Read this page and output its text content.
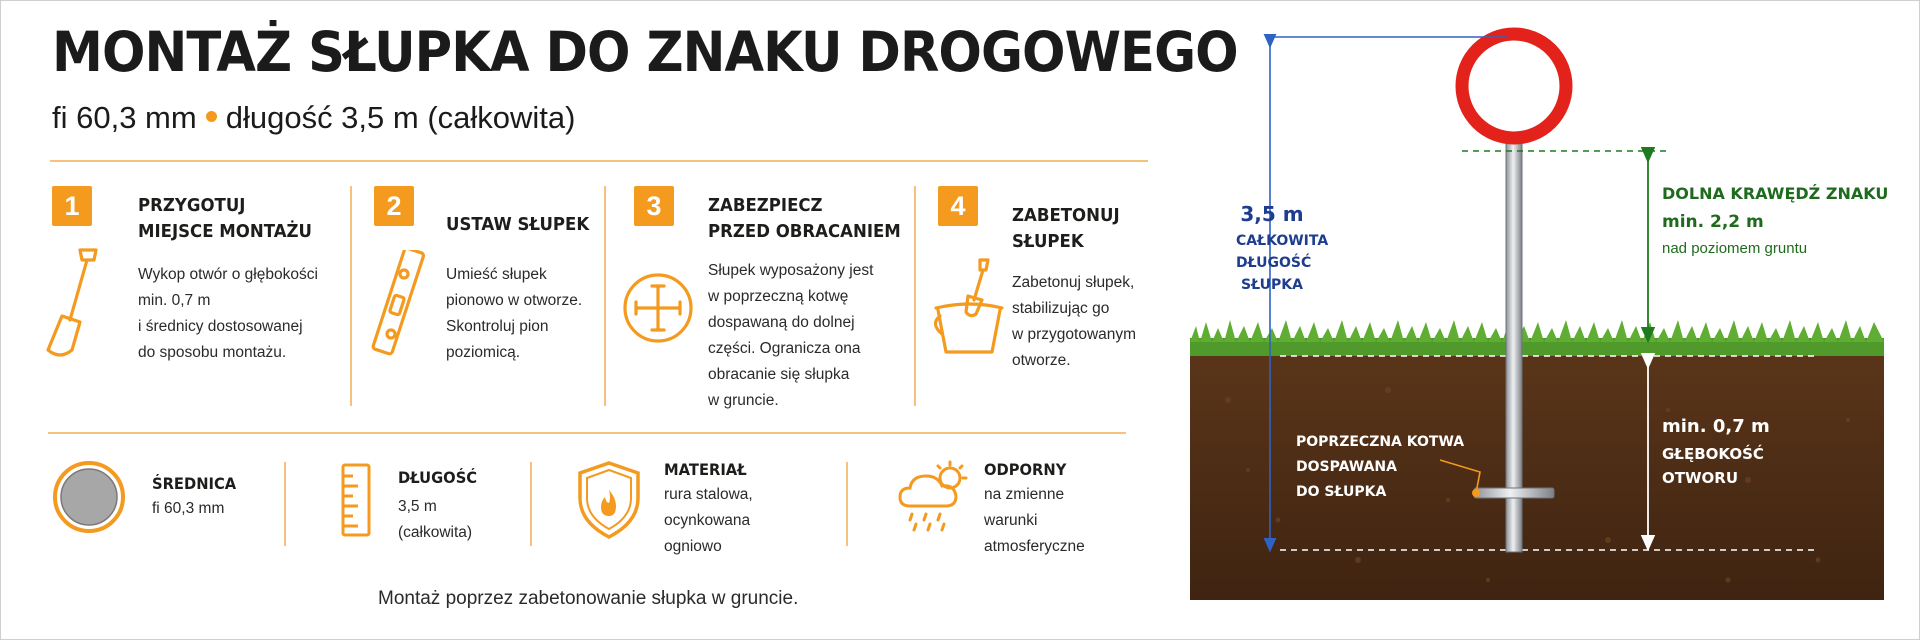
MONTAŻ SŁUPKA DO ZNAKU DROGOWEGO
fi 60,3 mm długość 3,5 m (całkowita)
1	PRZYGOTUJ
MIEJSCE MONTAŻU
Wykop otwór o głębokości
min. 0,7 m
i średnicy dostosowanej
do sposobu montażu.
2
USTAW SŁUPEK
Umieść słupek
pionowo w otworze.
Skontroluj pion
poziomicą.
3	ZABEZPIECZ
PRZED OBRACANIEM
Słupek wyposażony jest
w poprzeczną kotwę
dospawaną do dolnej
części. Ogranicza ona
obracanie się słupka
w gruncie.
4	ZABETONUJ
SŁUPEK
Zabetonuj słupek,
stabilizując go
w przygotowanym
otworze.
ŚREDNICA
fi 60,3 mm
DŁUGOŚĆ
3,5 m
(całkowita)
MATERIAŁ
rura stalowa,
ocynkowana
ogniowo
ODPORNY
na zmienne
warunki
atmosferyczne
Montaż poprzez zabetonowanie słupka w gruncie.
3,5 m
CAŁKOWITA
DŁUGOŚĆ
SŁUPKA
DOLNA KRAWĘDŹ ZNAKU
min. 2,2 m
nad poziomem gruntu
POPRZECZNA KOTWA
DOSPAWANA
DO SŁUPKA
min. 0,7 m
GŁĘBOKOŚĆ
OTWORU
